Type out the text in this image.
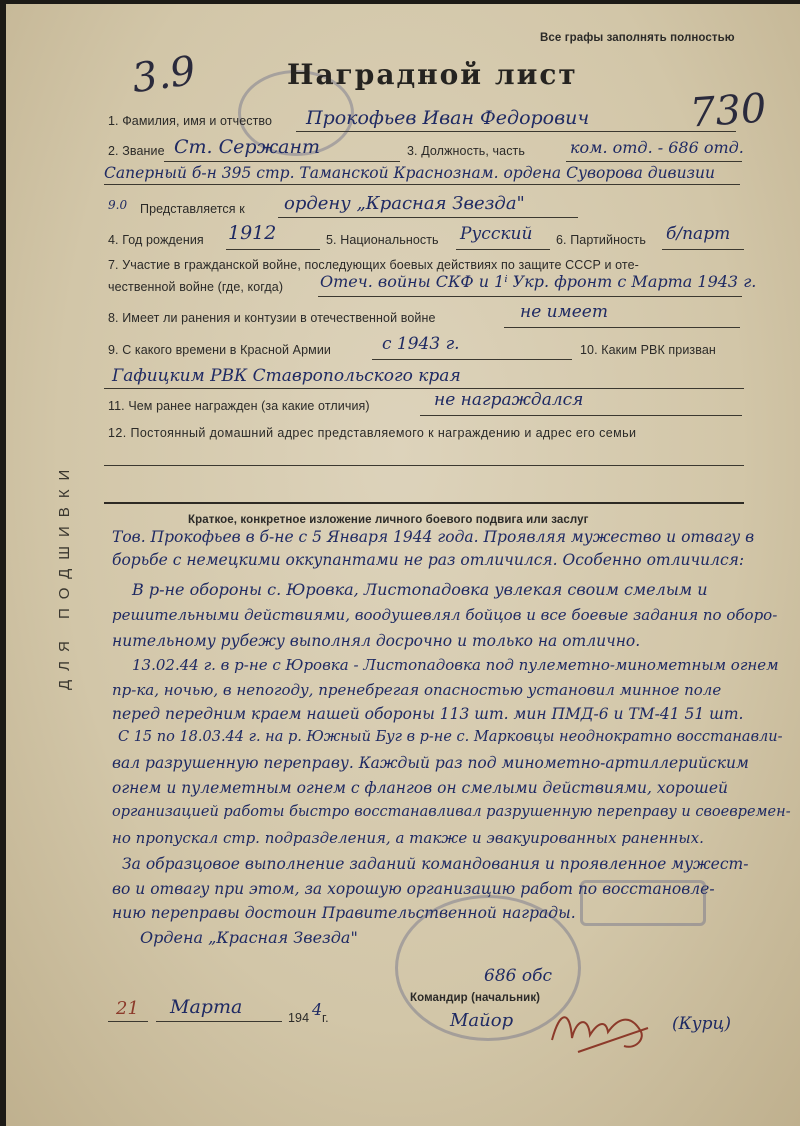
Все графы заполнять полностью
3.9
730
Наградной лист
1. Фамилия, имя и отчество Прокофьев Иван Федорович
2. Звание Ст. Сержант	3. Должность, часть	ком. отд. - 686 отд.
Саперный б-н 395 стр. Таманской Краснознам. ордена Суворова дивизии
9.0 Представляется к ордену „Красная Звезда"
4. Год рождения 1912	5. Национальность Русский 6. Партийность б/парт
7. Участие в гражданской войне, последующих боевых действиях по защите СССР и оте-
чественной войне (где, когда) Отеч. войны СКФ и 1ⁱ Укр. фронт с Марта 1943 г.
8. Имеет ли ранения и контузии в отечественной войне	не имеет
9. С какого времени в Красной Армии	с 1943 г.	10. Каким РВК призван
Гафицким РВК Ставропольского края
11. Чем ранее награжден (за какие отличия)	не награждался
12. Постоянный домашний адрес представляемого к награждению и адрес его семьи
ДЛЯ ПОДШИВКИ	Краткое, конкретное изложение личного боевого подвига или заслуг
Тов. Прокофьев в б-не с 5 Января 1944 года. Проявляя мужество и отвагу в
борьбе с немецкими оккупантами не раз отличился. Особенно отличился:
В р-не обороны с. Юровка, Листопадовка увлекая своим смелым и
решительными действиями, воодушевлял бойцов и все боевые задания по оборо-
нительному рубежу выполнял досрочно и только на отлично.
13.02.44 г. в р-не с Юровка - Листопадовка под пулеметно-минометным огнем
пр-ка, ночью, в непогоду, пренебрегая опасностью установил минное поле
перед передним краем нашей обороны 113 шт. мин ПМД-6 и ТМ-41 51 шт.
С 15 по 18.03.44 г. на р. Южный Буг в р-не с. Марковцы неоднократно восстанавли-
вал разрушенную переправу. Каждый раз под минометно-артиллерийским
огнем и пулеметным огнем с флангов он смелыми действиями, хорошей
организацией работы быстро восстанавливал разрушенную переправу и своевремен-
но пропускал стр. подразделения, а также и эвакуированных раненных.
За образцовое выполнение заданий командования и проявленное мужест-
во и отвагу при этом, за хорошую организацию работ по восстановле-
нию переправы достоин Правительственной награды.
Ордена „Красная Звезда"
686 обс
Командир (начальник)
21 Марта	194 4 г.	Майор	(Курц)
